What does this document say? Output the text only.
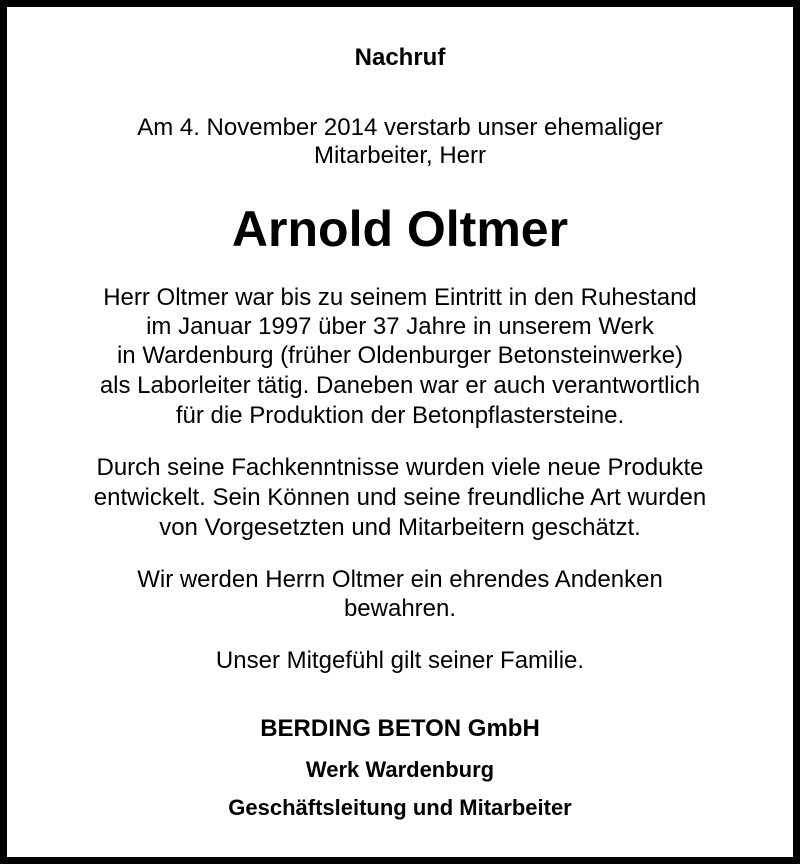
Nachruf
Am 4. November 2014 verstarb unser ehemaliger
Mitarbeiter, Herr
Arnold Oltmer
Herr Oltmer war bis zu seinem Eintritt in den Ruhestand
im Januar 1997 über 37 Jahre in unserem Werk
in Wardenburg (früher Oldenburger Betonsteinwerke)
als Laborleiter tätig. Daneben war er auch verantwortlich
für die Produktion der Betonpflastersteine.
Durch seine Fachkenntnisse wurden viele neue Produkte
entwickelt. Sein Können und seine freundliche Art wurden
von Vorgesetzten und Mitarbeitern geschätzt.
Wir werden Herrn Oltmer ein ehrendes Andenken
bewahren.
Unser Mitgefühl gilt seiner Familie.
BERDING BETON GmbH
Werk Wardenburg
Geschäftsleitung und Mitarbeiter
